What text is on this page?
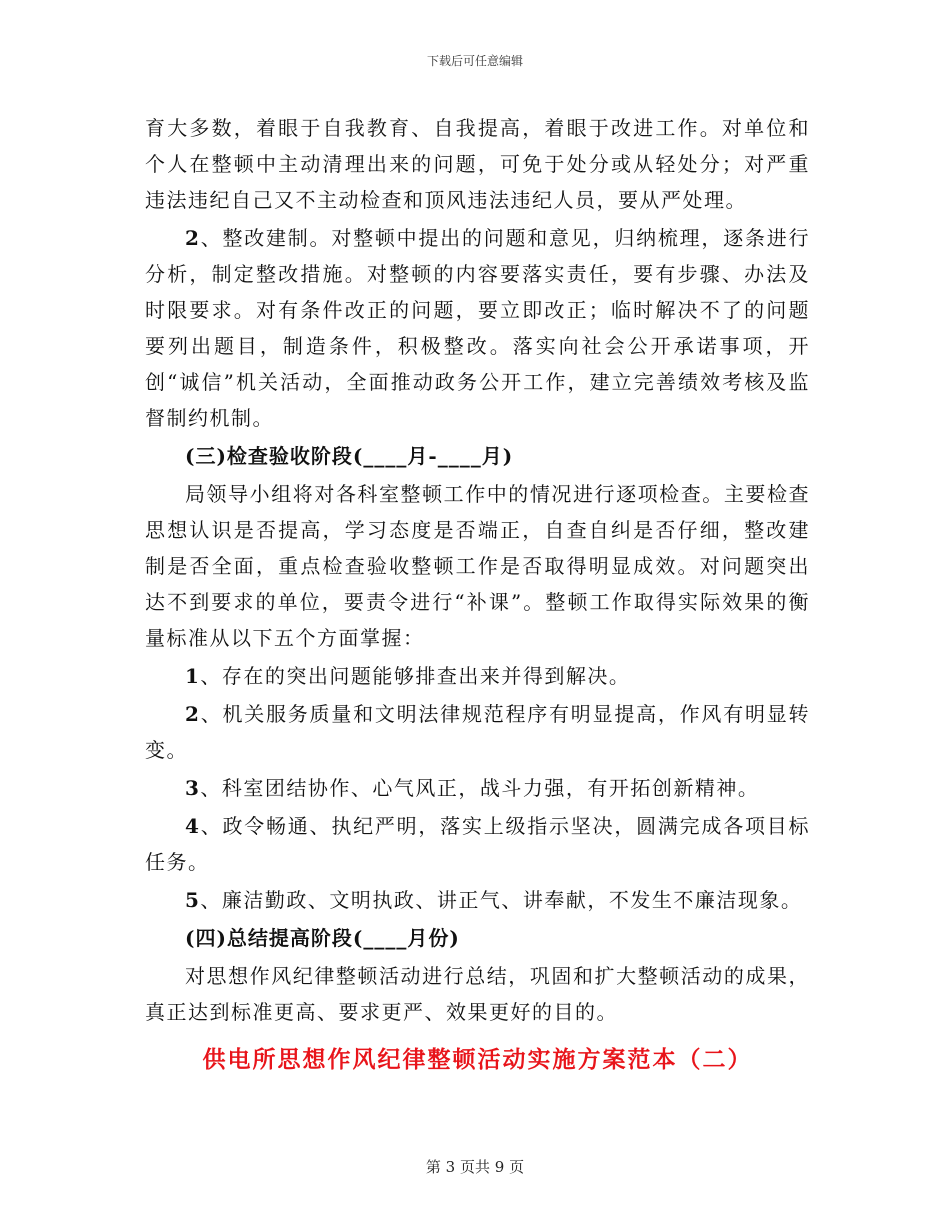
下载后可任意编辑

育大多数，着眼于自我教育、自我提高，着眼于改进工作。对单位和个人在整顿中主动清理出来的问题，可免于处分或从轻处分；对严重违法违纪自己又不主动检查和顶风违法违纪人员，要从严处理。

2、整改建制。对整顿中提出的问题和意见，归纳梳理，逐条进行分析，制定整改措施。对整顿的内容要落实责任，要有步骤、办法及时限要求。对有条件改正的问题，要立即改正；临时解决不了的问题要列出题目，制造条件，积极整改。落实向社会公开承诺事项，开创“诚信”机关活动，全面推动政务公开工作，建立完善绩效考核及监督制约机制。

(三)检查验收阶段(____月-____月)

局领导小组将对各科室整顿工作中的情况进行逐项检查。主要检查思想认识是否提高，学习态度是否端正，自查自纠是否仔细，整改建制是否全面，重点检查验收整顿工作是否取得明显成效。对问题突出达不到要求的单位，要责令进行“补课”。整顿工作取得实际效果的衡量标准从以下五个方面掌握：

1、存在的突出问题能够排查出来并得到解决。

2、机关服务质量和文明法律规范程序有明显提高，作风有明显转变。

3、科室团结协作、心气风正，战斗力强，有开拓创新精神。

4、政令畅通、执纪严明，落实上级指示坚决，圆满完成各项目标任务。

5、廉洁勤政、文明执政、讲正气、讲奉献，不发生不廉洁现象。

(四)总结提高阶段(____月份)

对思想作风纪律整顿活动进行总结，巩固和扩大整顿活动的成果，真正达到标准更高、要求更严、效果更好的目的。

供电所思想作风纪律整顿活动实施方案范本（二）
第 3 页共 9 页
